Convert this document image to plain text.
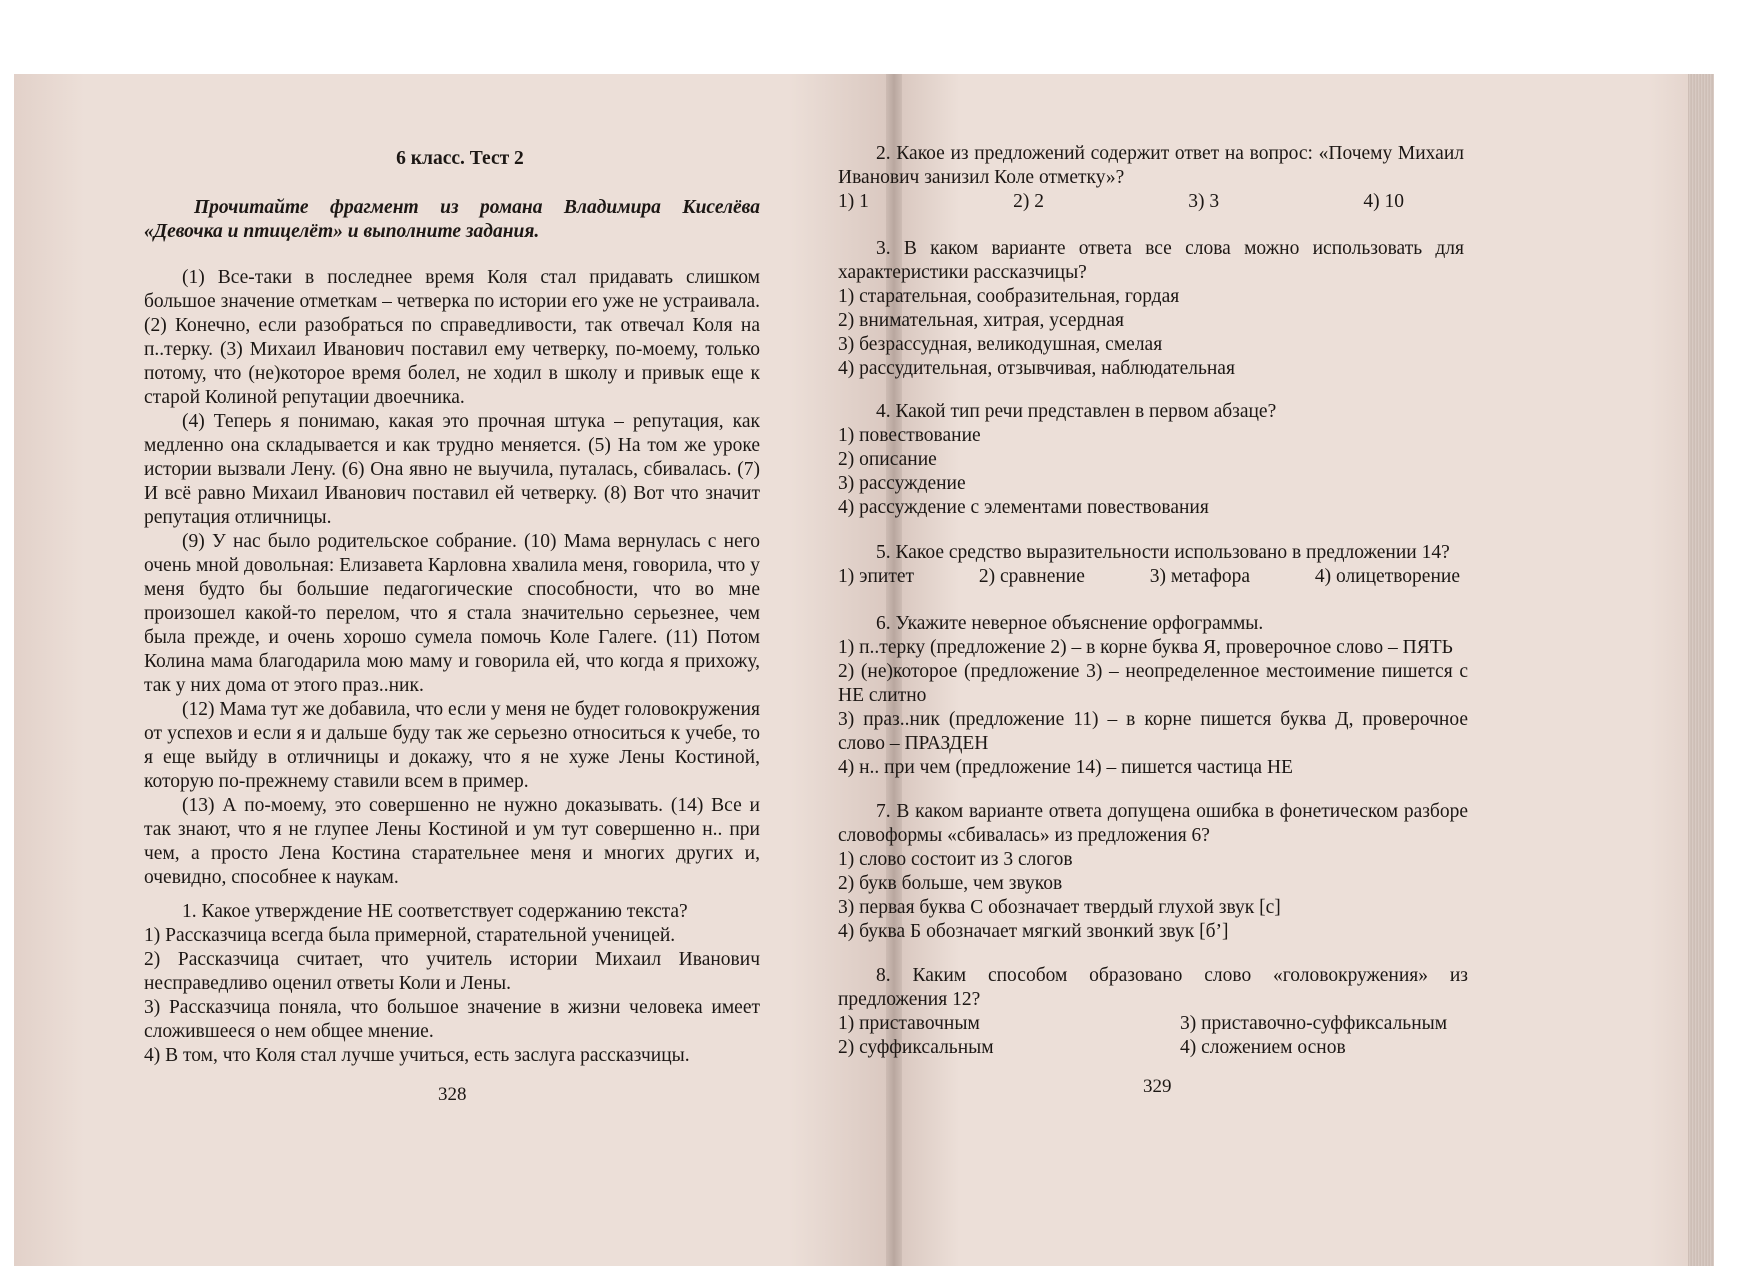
6 класс. Тест 2
Прочитайте фрагмент из романа Владимира Киселёва «Девочка и птицелёт» и выполните задания.

(1) Все-таки в последнее время Коля стал придавать слишком большое значение отметкам – четверка по истории его уже не устраивала. (2) Конечно, если разобраться по справедливости, так отвечал Коля на п..терку. (3) Михаил Иванович поставил ему четверку, по-моему, только потому, что (не)которое время болел, не ходил в школу и привык еще к старой Колиной репутации двоечника.

(4) Теперь я понимаю, какая это прочная штука – репутация, как медленно она складывается и как трудно меняется. (5) На том же уроке истории вызвали Лену. (6) Она явно не выучила, путалась, сбивалась. (7) И всё равно Михаил Иванович поставил ей четверку. (8) Вот что значит репутация отличницы.

(9) У нас было родительское собрание. (10) Мама вернулась с него очень мной довольная: Елизавета Карловна хвалила меня, говорила, что у меня будто бы большие педагогические способности, что во мне произошел какой-то перелом, что я стала значительно серьезнее, чем была прежде, и очень хорошо сумела помочь Коле Галеге. (11) Потом Колина мама благодарила мою маму и говорила ей, что когда я прихожу, так у них дома от этого праз..ник.

(12) Мама тут же добавила, что если у меня не будет головокружения от успехов и если я и дальше буду так же серьезно относиться к учебе, то я еще выйду в отличницы и докажу, что я не хуже Лены Костиной, которую по-прежнему ставили всем в пример.

(13) А по-моему, это совершенно не нужно доказывать. (14) Все и так знают, что я не глупее Лены Костиной и ум тут совершенно н.. при чем, а просто Лена Костина старательнее меня и многих других и, очевидно, способнее к наукам.

1. Какое утверждение НЕ соответствует содержанию текста?

1) Рассказчица всегда была примерной, старательной ученицей.

2) Рассказчица считает, что учитель истории Михаил Иванович несправедливо оценил ответы Коли и Лены.

3) Рассказчица поняла, что большое значение в жизни человека имеет сложившееся о нем общее мнение.

4) В том, что Коля стал лучше учиться, есть заслуга рассказчицы.

328

2. Какое из предложений содержит ответ на вопрос: «Почему Михаил Иванович занизил Коле отметку»?

1) 1	2) 2	3) 3	4) 10

3. В каком варианте ответа все слова можно использовать для характеристики рассказчицы?

1) старательная, сообразительная, гордая

2) внимательная, хитрая, усердная

3) безрассудная, великодушная, смелая

4) рассудительная, отзывчивая, наблюдательная

4. Какой тип речи представлен в первом абзаце?

1) повествование

2) описание

3) рассуждение

4) рассуждение с элементами повествования

5. Какое средство выразительности использовано в предложении 14?

1) эпитет	2) сравнение	3) метафора	4) олицетворение

6. Укажите неверное объяснение орфограммы.

1) п..терку (предложение 2) – в корне буква Я, проверочное слово – ПЯТЬ

2) (не)которое (предложение 3) – неопределенное местоимение пишется с НЕ слитно

3) праз..ник (предложение 11) – в корне пишется буква Д, проверочное слово – ПРАЗДЕН

4) н.. при чем (предложение 14) – пишется частица НЕ

7. В каком варианте ответа допущена ошибка в фонетическом разборе словоформы «сбивалась» из предложения 6?

1) слово состоит из 3 слогов

2) букв больше, чем звуков

3) первая буква С обозначает твердый глухой звук [с]

4) буква Б обозначает мягкий звонкий звук [б’]

8. Каким способом образовано слово «головокружения» из предложения 12?

1) приставочным	3) приставочно-суффиксальным
2) суффиксальным	4) сложением основ
329
